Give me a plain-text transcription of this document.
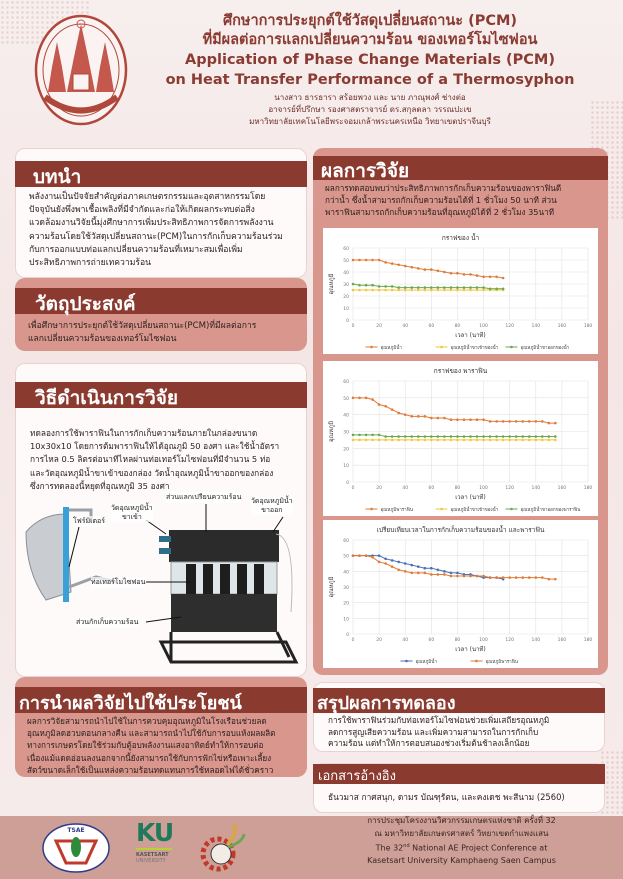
ศึกษาการประยุกต์ใช้วัสดุเปลี่ยนสถานะ (PCM)
ที่มีผลต่อการแลกเปลี่ยนความร้อน ของเทอร์โมไซฟอน
Application of Phase Change Materials (PCM)
on Heat Transfer Performance of a Thermosyphon
นางสาว ธารธารา สร้อยพวง และ นาย ภาณุพงศ์ ช่างต่อ
อาจารย์ที่ปรึกษา รองศาสตราจารย์ ดร.สกุลตลา วรรณปะเข
มหาวิทยาลัยเทคโนโลยีพระจอมเกล้าพระนครเหนือ วิทยาเขตปราจีนบุรี
บทนำ
พลังงานเป็นปัจจัยสำคัญต่อภาคเกษตรกรรมและอุตสาหกรรมโดย
ปัจจุบันยังพึ่งพาเชื้อเพลิงที่มีจำกัดและก่อให้เกิดผลกระทบต่อสิ่ง
แวดล้อมงานวิจัยนี้มุ่งศึกษาการเพิ่มประสิทธิภาพการจัดการพลังงาน
ความร้อนโดยใช้วัสดุเปลี่ยนสถานะ(PCM)ในการกักเก็บความร้อนร่วม
กับการออกแบบท่อแลกเปลี่ยนความร้อนที่เหมาะสมเพื่อเพิ่ม
ประสิทธิภาพการถ่ายเทความร้อน
วัตถุประสงค์
เพื่อศึกษาการประยุกต์ใช้วัสดุเปลี่ยนสถานะ(PCM)ที่มีผลต่อการ
แลกเปลี่ยนความร้อนของเทอร์โมไซฟอน
วิธีดำเนินการวิจัย
ทดลองการใช้พาราฟินในการกักเก็บความร้อนภายในกล่องขนาด
10x30x10 โดยการต้มพาราฟินให้ได้อุณภูมิ 50 องศา และใช้น้ำอัตรา
การไหล 0.5 ลิตรต่อนาทีไหลผ่านท่อเทอร์โมไซฟอนที่มีจำนวน 5 ท่อ
และวัดอุณหภูมิน้ำขาเข้าของกล่อง วัดน้ำอุณหภูมิน้ำขาออกของกล่อง
ซึ่งการทดลองนี้หยุดที่อุณหภูมิ 35 องศา
ส่วนแลกเปรียนความร้อน
วัดอุณหภูมิน้ำ
ขาเข้า
วัดอุณหภูมิน้ำ
ขาออก
โฟร์มิเตอร์
ท่อเทอร์โมไซฟอน
ส่วนกักเก็บความร้อน
การนำผลวิจัยไปใช้ประโยชน์
ผลการวิจัยสามารถนำไปใช้ในการควบคุมอุณหภูมิในโรงเรือนช่วยลด
อุณหภูมิลดฮวบตอนกลางคืน และสามารถนำไปใช้กับการอบแห้งผลผลิต
ทางการเกษตรโดยใช้ร่วมกับตู้อบพลังงานแสงอาทิตย์ทำให้การอบต่อ
เนื่องแม้แดดอ่อนลงนอกจากนี้ยังสามารถใช้กับการฟักไข่หรือเพาะเลี้ยง
สัตว์ขนาดเล็กใช้เป็นแหล่งความร้อนทดแทนการใช้หลอดไฟได้ชั่วคราว
ผลการวิจัย
ผลการทดสอบพบว่าประสิทธิภาพการกักเก็บความร้อนของพาราฟินดี
กว่าน้ำ ซึ่งน้ำสามารถกักเก็บความร้อนได้ที่ 1 ชั่วโมง 50 นาที ส่วน
พาราฟินสามารถกักเก็บความร้อนที่อุณหภูมิได้ที่ 2 ชั่วโมง 35นาที
กราฟของ น้ำ
0
10
20
30
40
50
60
0	20	40	60	80	100	120	140	160	180
เวลา (นาที)
อุณหภูมิ
อุณหภูมิน้ำ	อุณหภูมิน้ำขาเข้าของน้ำ	อุณหภูมิน้ำขาออกของน้ำ
กราฟของ พาราฟิน
0
10
20
30
40
50
60
0	20	40	60	80	100	120	140	160	180
เวลา (นาที)
อุณหภูมิ
อุณหภูมิพาราฟิน	อุณหภูมิน้ำขาเข้าของน้ำ	อุณหภูมิน้ำขาออกของพาราฟิน
เปรียบเทียบเวลาในการกักเก็บความร้อนของน้ำ และพาราฟิน
0
10
20
30
40
50
60
0	20	40	60	80	100	120	140	160	180
เวลา (นาที)
อุณหภูมิ
อุณหภูมิน้ำ	อุณหภูมิพาราฟิน
สรุปผลการทดลอง
การใช้พาราฟินร่วมกับท่อเทอร์โมไซฟอนช่วยเพิ่มเสถียรอุณหภูมิ
ลดการสูญเสียความร้อน และเพิ่มความสามารถในการกักเก็บ
ความร้อน แต่ทำให้การตอบสนองช่วงเริ่มต้นช้าลงเล็กน้อย
เอกสารอ้างอิง
ธันวมาส กาศสนุก, ดามร บัณฑุรัตน, และคงเดช พะสีนาม (2560)
TSAE KU
KASETSART
UNIVERSITY
การประชุมโครงงานวิศวกรรมเกษตรแห่งชาติ ครั้งที่ 32
ณ มหาวิทยาลัยเกษตรศาสตร์ วิทยาเขตกำแพงแสน
The 32nd National AE Project Conference at
Kasetsart University Kamphaeng Saen Campus
